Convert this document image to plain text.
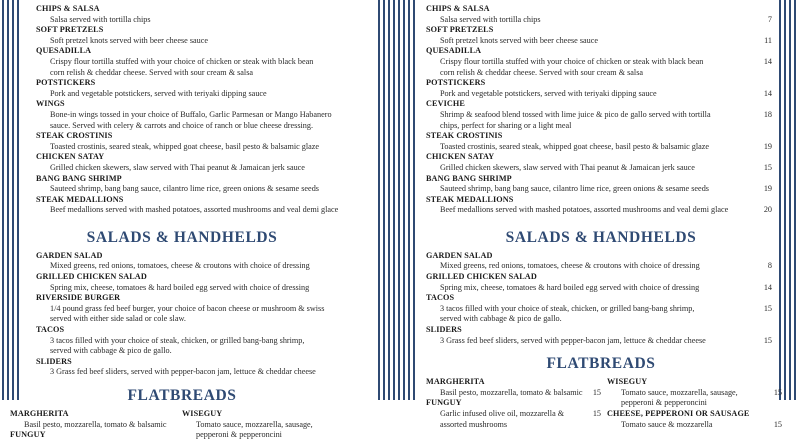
CHIPS & SALSA
Salsa served with tortilla chips
SOFT PRETZELS
Soft pretzel knots served with beer cheese sauce
QUESADILLA
Crispy flour tortilla stuffed with your choice of chicken or steak with black bean
corn relish & cheddar cheese. Served with sour cream & salsa
POTSTICKERS
Pork and vegetable potstickers, served with teriyaki dipping sauce
WINGS
Bone-in wings tossed in your choice of Buffalo, Garlic Parmesan or Mango Habanero
sauce. Served with celery & carrots and choice of ranch or blue cheese dressing.
STEAK CROSTINIS
Toasted crostinis, seared steak, whipped goat cheese, basil pesto & balsamic glaze
CHICKEN SATAY
Grilled chicken skewers, slaw served with Thai peanut & Jamaican jerk sauce
BANG BANG SHRIMP
Sauteed shrimp, bang bang sauce, cilantro lime rice, green onions & sesame seeds
STEAK MEDALLIONS
Beef medallions served with mashed potatoes, assorted mushrooms and veal demi glace
SALADS & HANDHELDS
GARDEN SALAD
Mixed greens, red onions, tomatoes, cheese & croutons with choice of dressing
GRILLED CHICKEN SALAD
Spring mix, cheese, tomatoes & hard boiled egg served with choice of dressing
RIVERSIDE BURGER
1/4 pound grass fed beef burger, your choice of bacon cheese or mushroom & swiss
served with either side salad or cole slaw.
TACOS
3 tacos filled with your choice of steak, chicken, or grilled bang-bang shrimp,
served with cabbage & pico de gallo.
SLIDERS
3 Grass fed beef sliders, served with pepper-bacon jam, lettuce & cheddar cheese
FLATBREADS
MARGHERITA
Basil pesto, mozzarella, tomato & balsamic
FUNGUY
WISEGUY
Tomato sauce, mozzarella, sausage,
pepperoni & pepperoncini
7
CHIPS & SALSA
Salsa served with tortilla chips
11
SOFT PRETZELS
Soft pretzel knots served with beer cheese sauce
14
QUESADILLA
Crispy flour tortilla stuffed with your choice of chicken or steak with black bean
corn relish & cheddar cheese. Served with sour cream & salsa
14
POTSTICKERS
Pork and vegetable potstickers, served with teriyaki dipping sauce
18
CEVICHE
Shrimp & seafood blend tossed with lime juice & pico de gallo served with tortilla
chips, perfect for sharing or a light meal
19
STEAK CROSTINIS
Toasted crostinis, seared steak, whipped goat cheese, basil pesto & balsamic glaze
15
CHICKEN SATAY
Grilled chicken skewers, slaw served with Thai peanut & Jamaican jerk sauce
19
BANG BANG SHRIMP
Sauteed shrimp, bang bang sauce, cilantro lime rice, green onions & sesame seeds
20
STEAK MEDALLIONS
Beef medallions served with mashed potatoes, assorted mushrooms and veal demi glace
SALADS & HANDHELDS
8
GARDEN SALAD
Mixed greens, red onions, tomatoes, cheese & croutons with choice of dressing
14
GRILLED CHICKEN SALAD
Spring mix, cheese, tomatoes & hard boiled egg served with choice of dressing
15
TACOS
3 tacos filled with your choice of steak, chicken, or grilled bang-bang shrimp,
served with cabbage & pico de gallo.
15
SLIDERS
3 Grass fed beef sliders, served with pepper-bacon jam, lettuce & cheddar cheese
FLATBREADS
15
MARGHERITA
Basil pesto, mozzarella, tomato & balsamic
15
FUNGUY
Garlic infused olive oil, mozzarella &
assorted mushrooms
15
WISEGUY
Tomato sauce, mozzarella, sausage,
pepperoni & pepperoncini
15
CHEESE, PEPPERONI OR SAUSAGE
Tomato sauce & mozzarella
